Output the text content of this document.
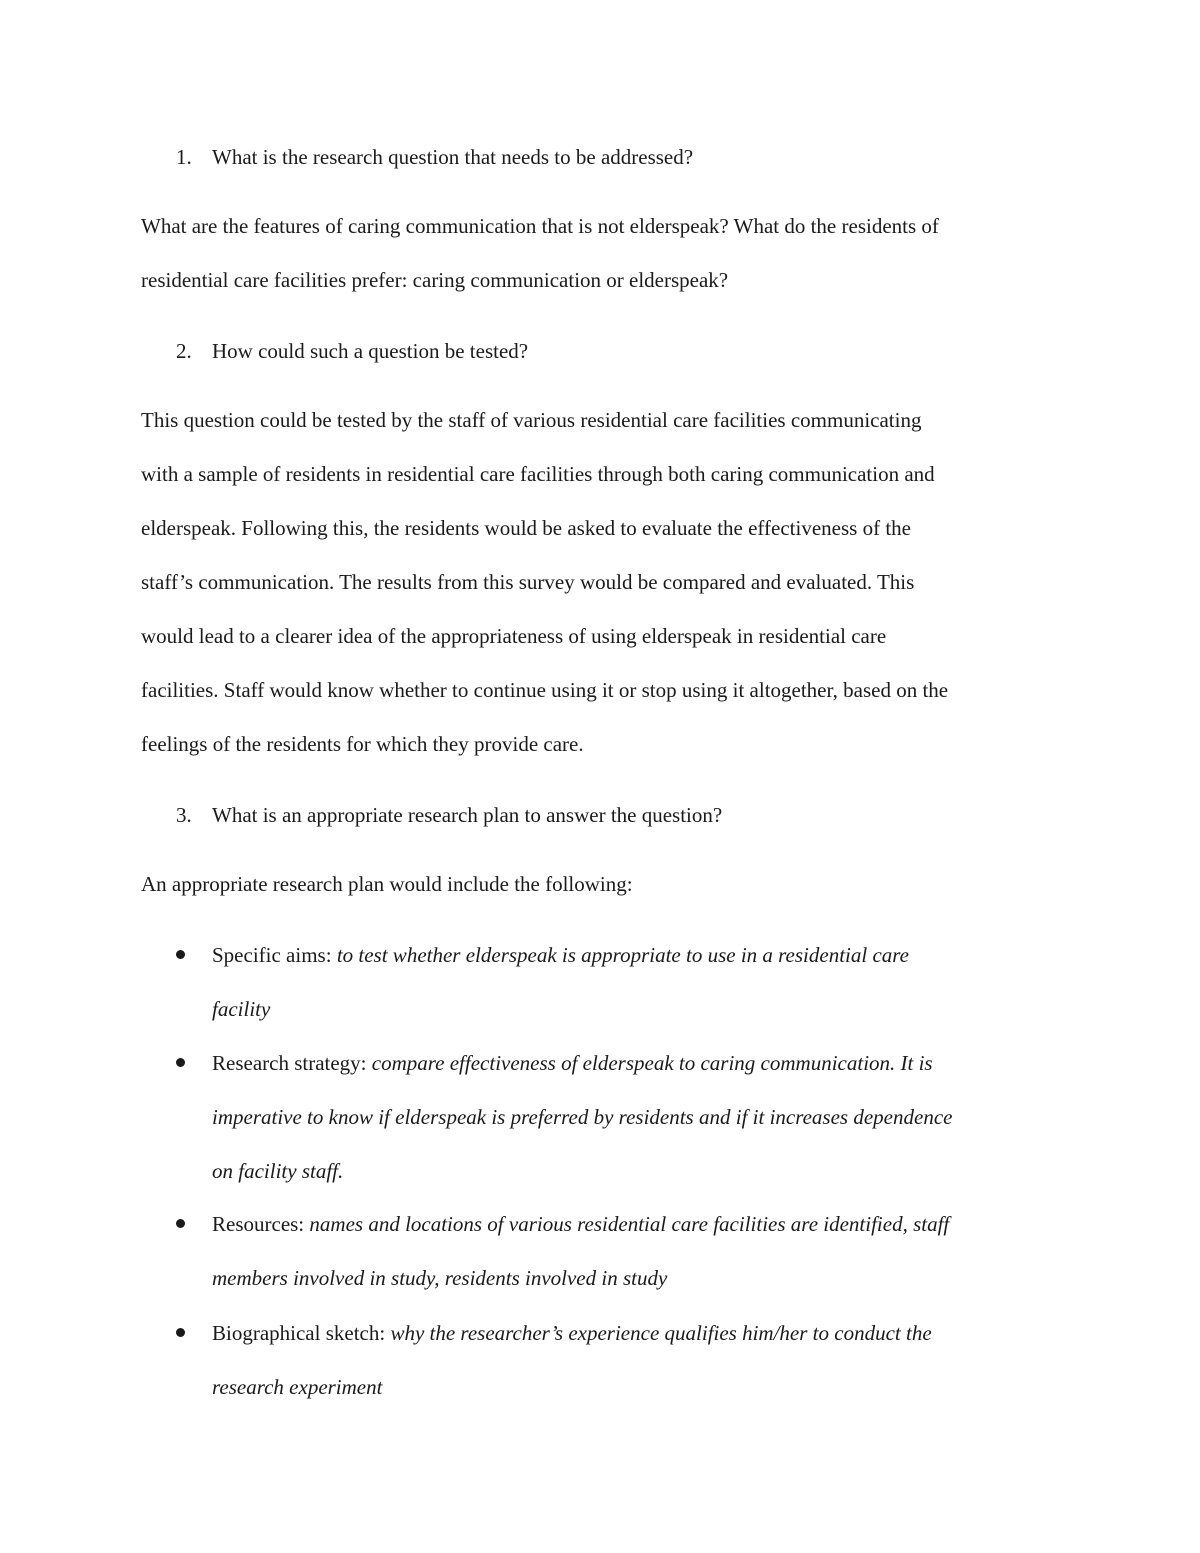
1. What is the research question that needs to be addressed?
What are the features of caring communication that is not elderspeak? What do the residents of
residential care facilities prefer: caring communication or elderspeak?
2. How could such a question be tested?
This question could be tested by the staff of various residential care facilities communicating
with a sample of residents in residential care facilities through both caring communication and
elderspeak. Following this, the residents would be asked to evaluate the effectiveness of the
staff’s communication. The results from this survey would be compared and evaluated. This
would lead to a clearer idea of the appropriateness of using elderspeak in residential care
facilities. Staff would know whether to continue using it or stop using it altogether, based on the
feelings of the residents for which they provide care.
3. What is an appropriate research plan to answer the question?
An appropriate research plan would include the following:
Specific aims: to test whether elderspeak is appropriate to use in a residential care
facility
Research strategy: compare effectiveness of elderspeak to caring communication. It is
imperative to know if elderspeak is preferred by residents and if it increases dependence
on facility staff.
Resources: names and locations of various residential care facilities are identified, staff
members involved in study, residents involved in study
Biographical sketch: why the researcher’s experience qualifies him/her to conduct the
research experiment
